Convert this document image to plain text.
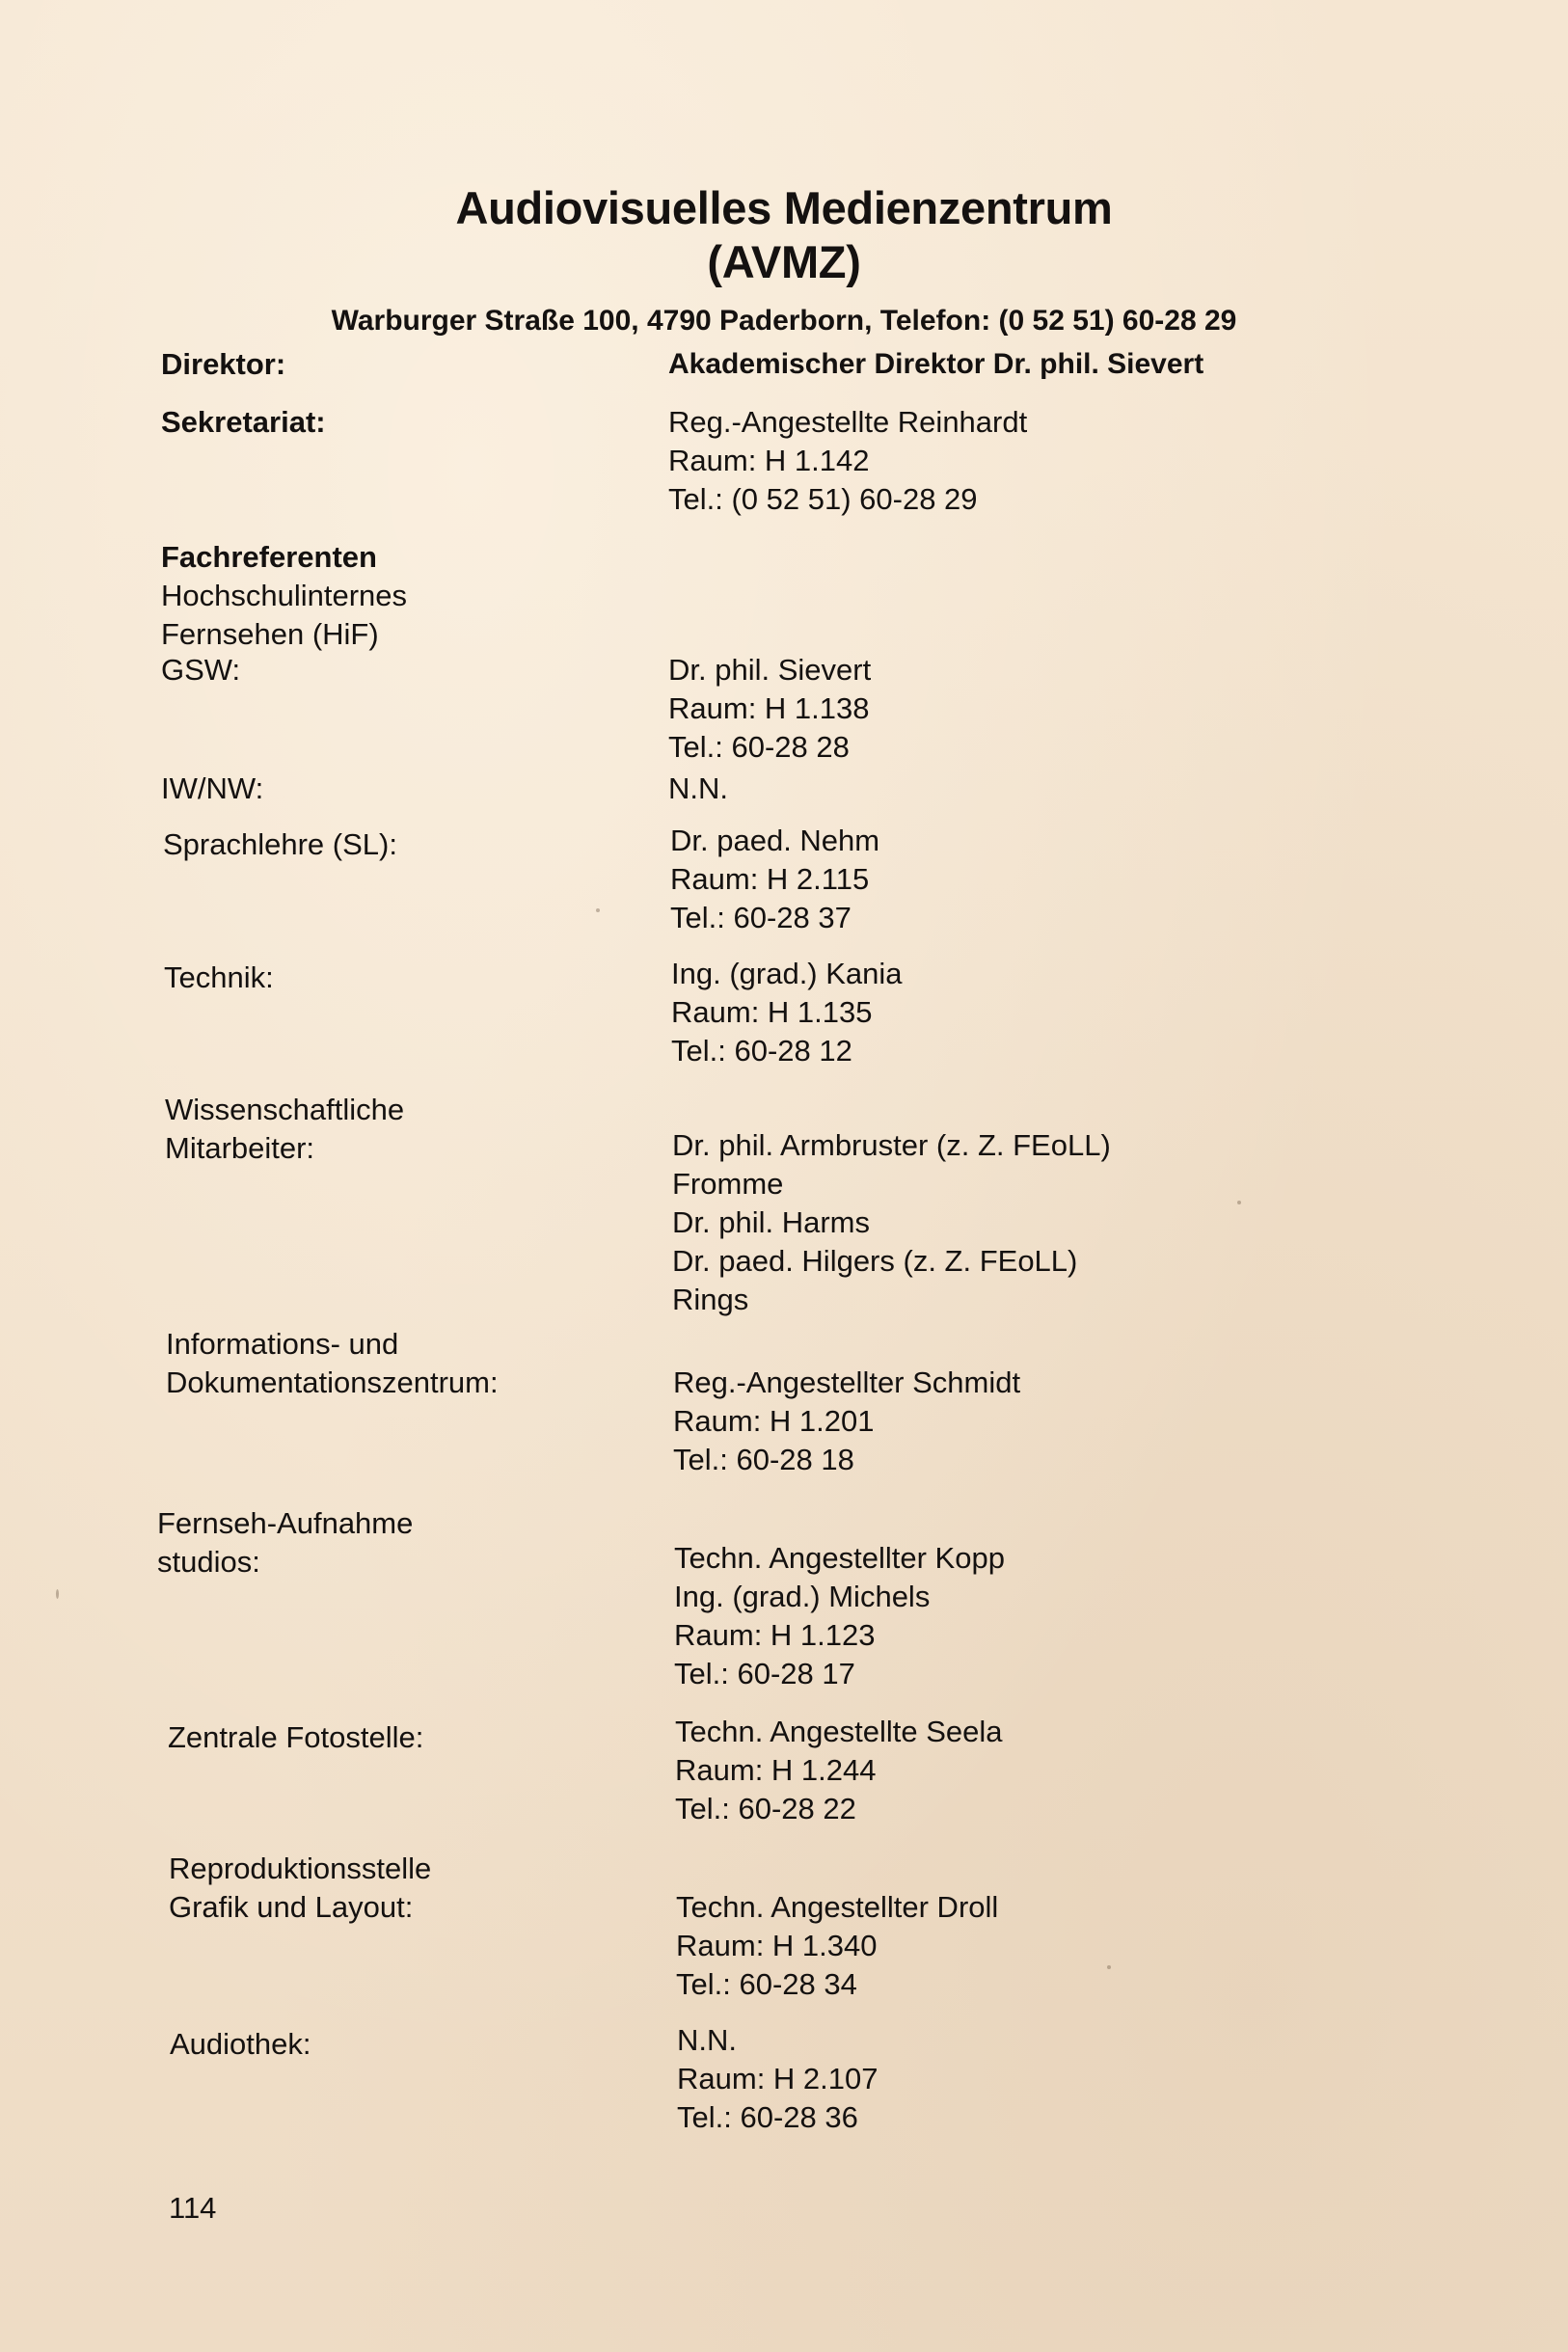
Audiovisuelles Medienzentrum
(AVMZ)
Warburger Straße 100, 4790 Paderborn, Telefon: (0 52 51) 60-28 29
Direktor:	Akademischer Direktor Dr. phil. Sievert
Sekretariat:	Reg.-Angestellte Reinhardt
Raum: H 1.142
Tel.: (0 52 51) 60-28 29
Fachreferenten
Hochschulinternes
Fernsehen (HiF)
GSW:	Dr. phil. Sievert
Raum: H 1.138
Tel.: 60-28 28
IW/NW:	N.N.
Sprachlehre (SL):	Dr. paed. Nehm
Raum: H 2.115
Tel.: 60-28 37
Technik:	Ing. (grad.) Kania
Raum: H 1.135
Tel.: 60-28 12
Wissenschaftliche
Mitarbeiter:	Dr. phil. Armbruster (z. Z. FEoLL)
Fromme
Dr. phil. Harms
Dr. paed. Hilgers (z. Z. FEoLL)
Rings
Informations- und
Dokumentationszentrum:	Reg.-Angestellter Schmidt
Raum: H 1.201
Tel.: 60-28 18
Fernseh-Aufnahme
studios:	Techn. Angestellter Kopp
Ing. (grad.) Michels
Raum: H 1.123
Tel.: 60-28 17
Zentrale Fotostelle:	Techn. Angestellte Seela
Raum: H 1.244
Tel.: 60-28 22
Reproduktionsstelle
Grafik und Layout:	Techn. Angestellter Droll
Raum: H 1.340
Tel.: 60-28 34
Audiothek:	N.N.
Raum: H 2.107
Tel.: 60-28 36
114
